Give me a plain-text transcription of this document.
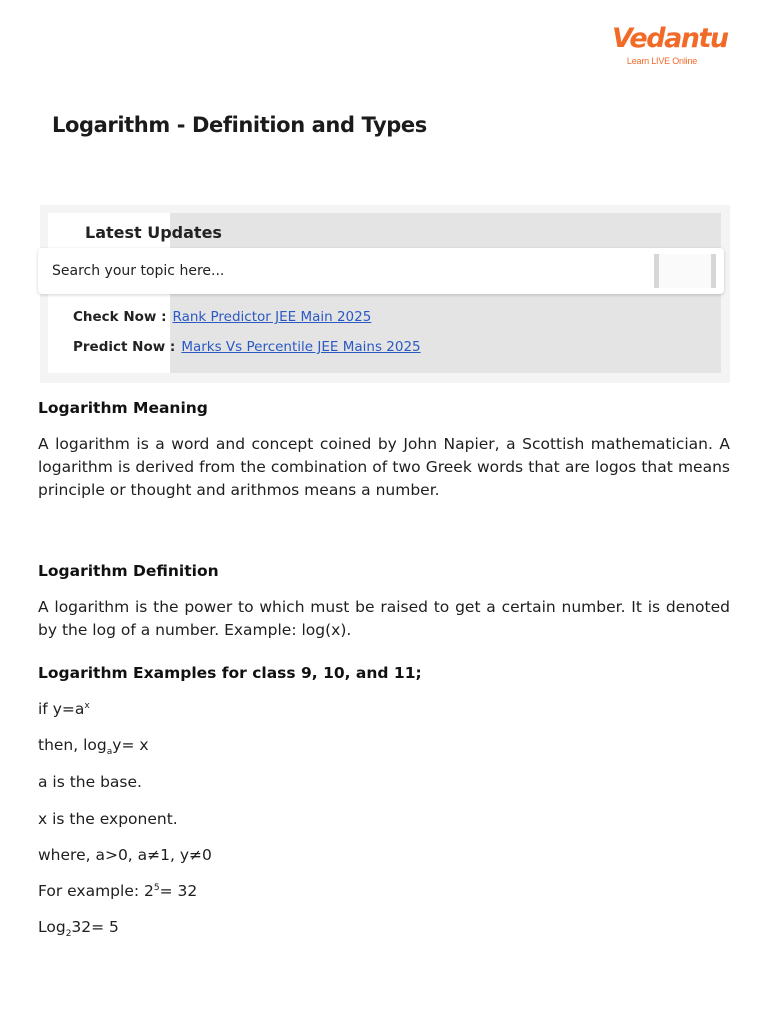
Vedantu
Learn LIVE Online
Logarithm - Definition and Types
Latest Updates
Search your topic here...
Check Now : Rank Predictor JEE Main 2025
Predict Now : Marks Vs Percentile JEE Mains 2025
Logarithm Meaning
A logarithm is a word and concept coined by John Napier, a Scottish mathematician. A logarithm is derived from the combination of two Greek words that are logos that means principle or thought and arithmos means a number.
Logarithm Definition
A logarithm is the power to which must be raised to get a certain number. It is denoted by the log of a number. Example: log(x).
Logarithm Examples for class 9, 10, and 11;
if $y=a^x$
then, $\log_ay= x$
a is the base.
x is the exponent.
where, a>0, a≠1, y≠0
For example: $2^5= 32$
Log$_2$32= 5
